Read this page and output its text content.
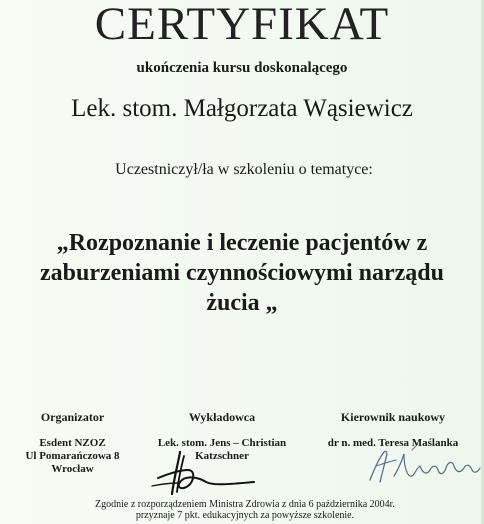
CERTYFIKAT
ukończenia kursu doskonalącego
Lek. stom. Małgorzata Wąsiewicz
Uczestniczył/ła w szkoleniu o tematyce:
„Rozpoznanie i leczenie pacjentów z
zaburzeniami czynnościowymi narządu
żucia „
Organizator
Esdent NZOZ
Ul Pomarańczowa 8
Wrocław
Wykładowca
Lek. stom. Jens – Christian
Katzschner
Kierownik naukowy
dr n. med. Teresa Maślanka
Zgodnie z rozporządzeniem Ministra Zdrowia z dnia 6 października 2004r.
przyznaje 7 pkt. edukacyjnych za powyższe szkolenie.
